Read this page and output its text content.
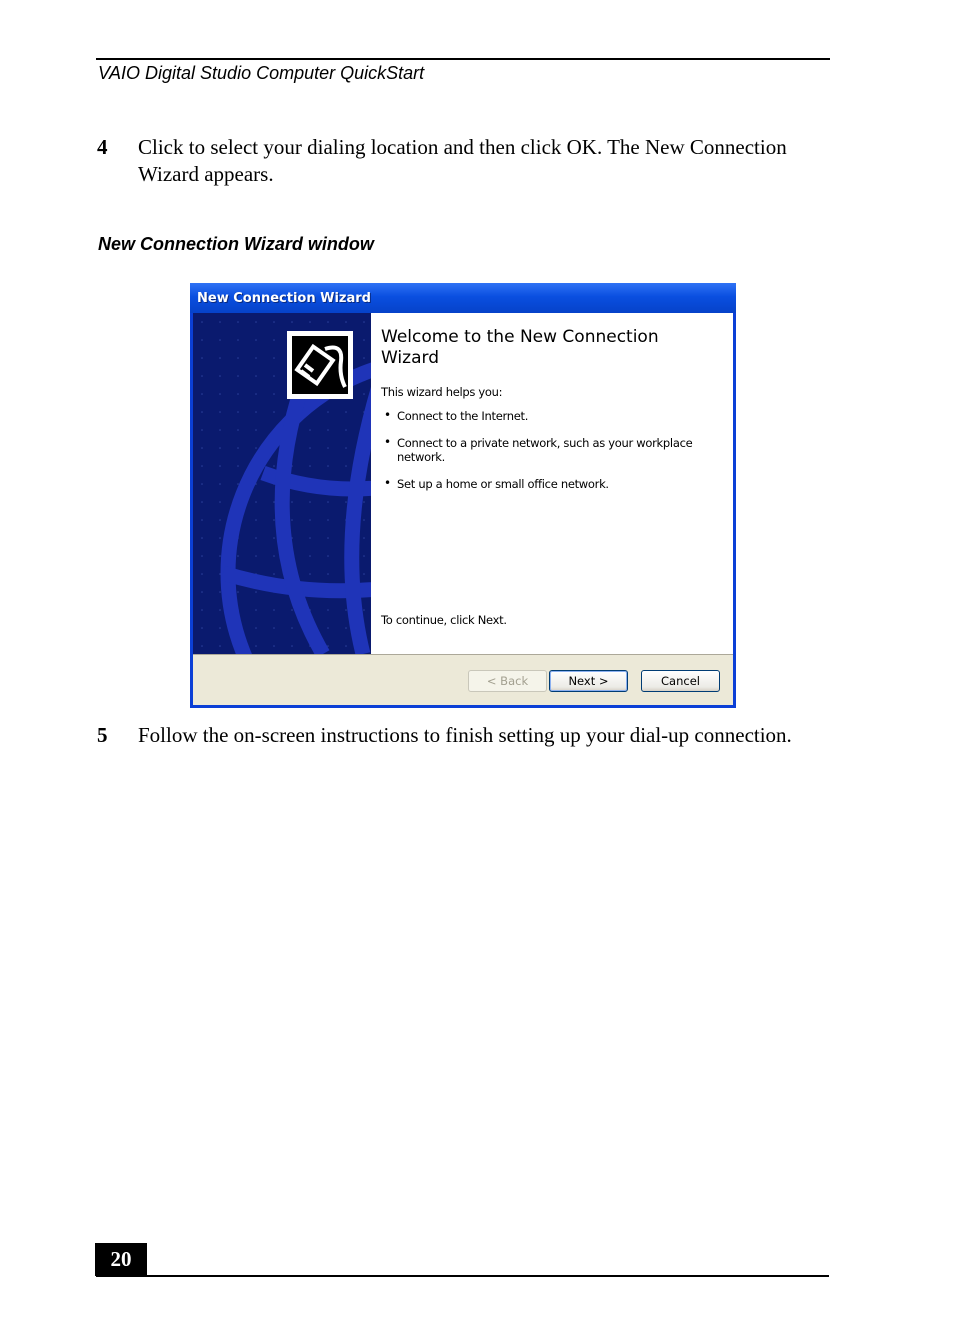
VAIO Digital Studio Computer QuickStart
4 Click to select your dialing location and then click OK. The New Connection Wizard appears.
New Connection Wizard window
New Connection Wizard
Welcome to the New Connection Wizard
This wizard helps you:
• Connect to the Internet.
• Connect to a private network, such as your workplace network.
• Set up a home or small office network.
To continue, click Next.
< Back	Next >	Cancel
5 Follow the on-screen instructions to finish setting up your dial-up connection.
20
